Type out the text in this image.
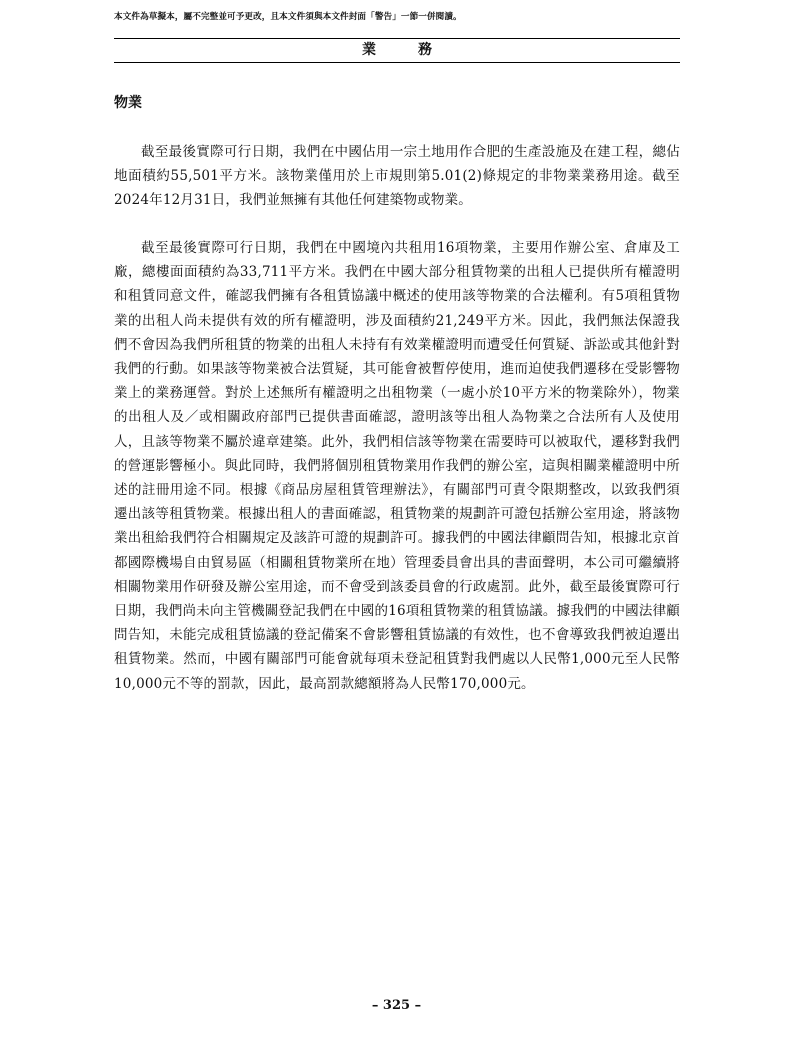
本文件為草擬本，屬不完整並可予更改，且本文件須與本文件封面「警告」一節一併閱讀。
業　務
物業

截至最後實際可行日期，我們在中國佔用一宗土地用作合肥的生產設施及在建工程，總佔地面積約55,501平方米。該物業僅用於上市規則第5.01(2)條規定的非物業業務用途。截至2024年12月31日，我們並無擁有其他任何建築物或物業。

截至最後實際可行日期，我們在中國境內共租用16項物業，主要用作辦公室、倉庫及工廠，總樓面面積約為33,711平方米。我們在中國大部分租賃物業的出租人已提供所有權證明和租賃同意文件，確認我們擁有各租賃協議中概述的使用該等物業的合法權利。有5項租賃物業的出租人尚未提供有效的所有權證明，涉及面積約21,249平方米。因此，我們無法保證我們不會因為我們所租賃的物業的出租人未持有有效業權證明而遭受任何質疑、訴訟或其他針對我們的行動。如果該等物業被合法質疑，其可能會被暫停使用，進而迫使我們遷移在受影響物業上的業務運營。對於上述無所有權證明之出租物業（一處小於10平方米的物業除外），物業的出租人及／或相關政府部門已提供書面確認，證明該等出租人為物業之合法所有人及使用人，且該等物業不屬於違章建築。此外，我們相信該等物業在需要時可以被取代，遷移對我們的營運影響極小。與此同時，我們將個別租賃物業用作我們的辦公室，這與相關業權證明中所述的註冊用途不同。根據《商品房屋租賃管理辦法》，有關部門可責令限期整改，以致我們須遷出該等租賃物業。根據出租人的書面確認，租賃物業的規劃許可證包括辦公室用途，將該物業出租給我們符合相關規定及該許可證的規劃許可。據我們的中國法律顧問告知，根據北京首都國際機場自由貿易區（相關租賃物業所在地）管理委員會出具的書面聲明，本公司可繼續將相關物業用作研發及辦公室用途，而不會受到該委員會的行政處罰。此外，截至最後實際可行日期，我們尚未向主管機關登記我們在中國的16項租賃物業的租賃協議。據我們的中國法律顧問告知，未能完成租賃協議的登記備案不會影響租賃協議的有效性，也不會導致我們被迫遷出租賃物業。然而，中國有關部門可能會就每項未登記租賃對我們處以人民幣1,000元至人民幣10,000元不等的罰款，因此，最高罰款總額將為人民幣170,000元。

– 325 –
